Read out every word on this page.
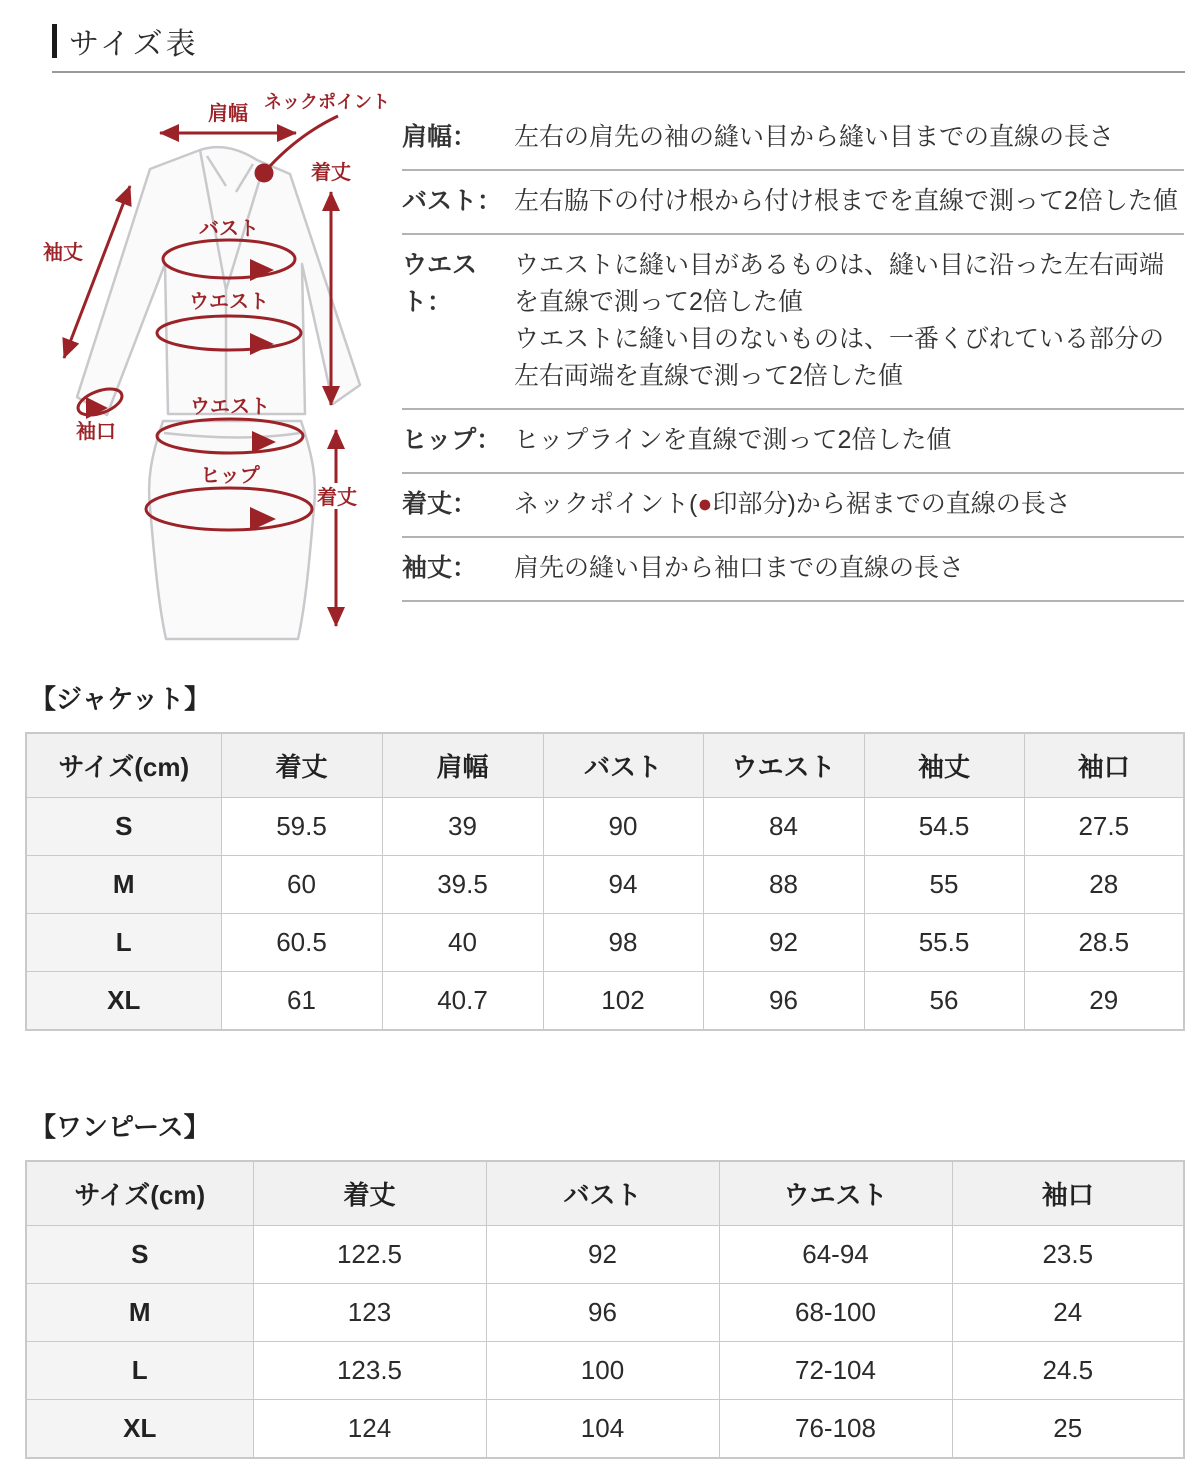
サイズ表
肩幅
ネックポイント
着丈
袖丈
バスト
ウエスト
袖口
ウエスト
ヒップ
着丈
肩幅：	左右の肩先の袖の縫い目から縫い目までの直線の長さ
バスト： 左右脇下の付け根から付け根までを直線で測って2倍した値
ウエスト：
ウエストに縫い目があるものは、縫い目に沿った左右両端
を直線で測って2倍した値
ウエストに縫い目のないものは、一番くびれている部分の
左右両端を直線で測って2倍した値
ヒップ： ヒップラインを直線で測って2倍した値
着丈：	ネックポイント(●印部分)から裾までの直線の長さ
袖丈：	肩先の縫い目から袖口までの直線の長さ
【ジャケット】
サイズ(cm)	着丈	肩幅	バスト	ウエスト	袖丈	袖口
S	59.5	39	90	84	54.5	27.5
M	60	39.5	94	88	55	28
L	60.5	40	98	92	55.5	28.5
XL	61	40.7	102	96	56	29
【ワンピース】
サイズ(cm)	着丈	バスト	ウエスト	袖口
S	122.5	92	64-94	23.5
M	123	96	68-100	24
L	123.5	100	72-104	24.5
XL	124	104	76-108	25
